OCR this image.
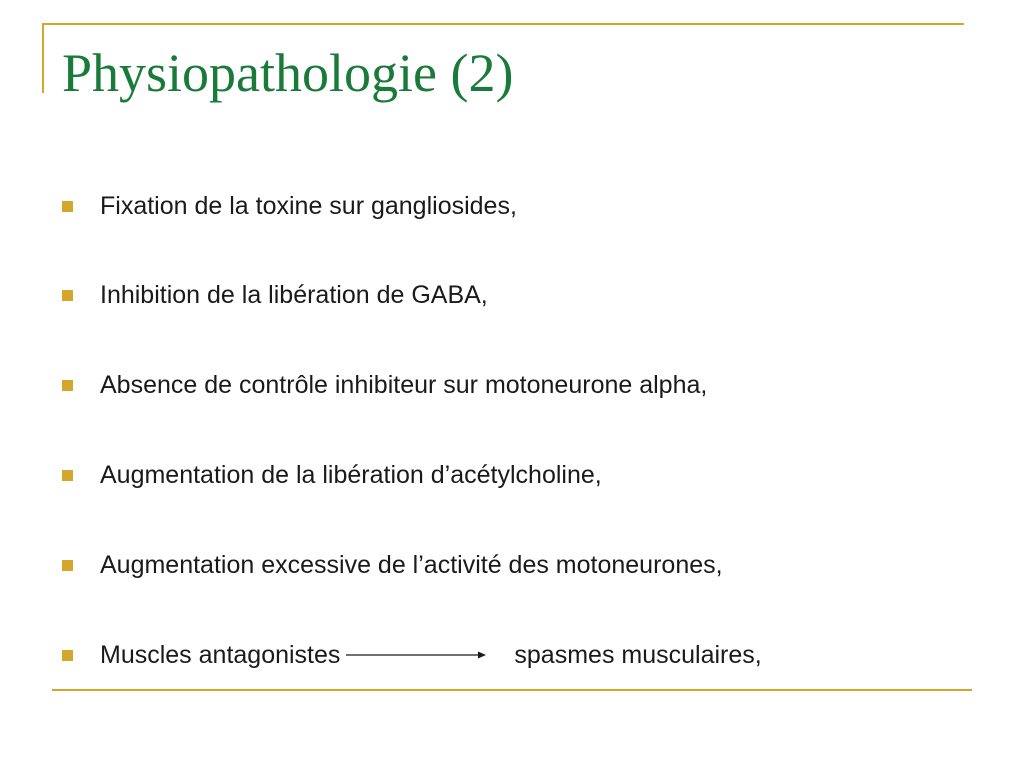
Physiopathologie (2)
Fixation de la toxine sur gangliosides,
Inhibition de la libération de GABA,
Absence de contrôle inhibiteur sur motoneurone alpha,
Augmentation de la libération d’acétylcholine,
Augmentation excessive de l’activité des motoneurones,
Muscles antagonistes	spasmes musculaires,
